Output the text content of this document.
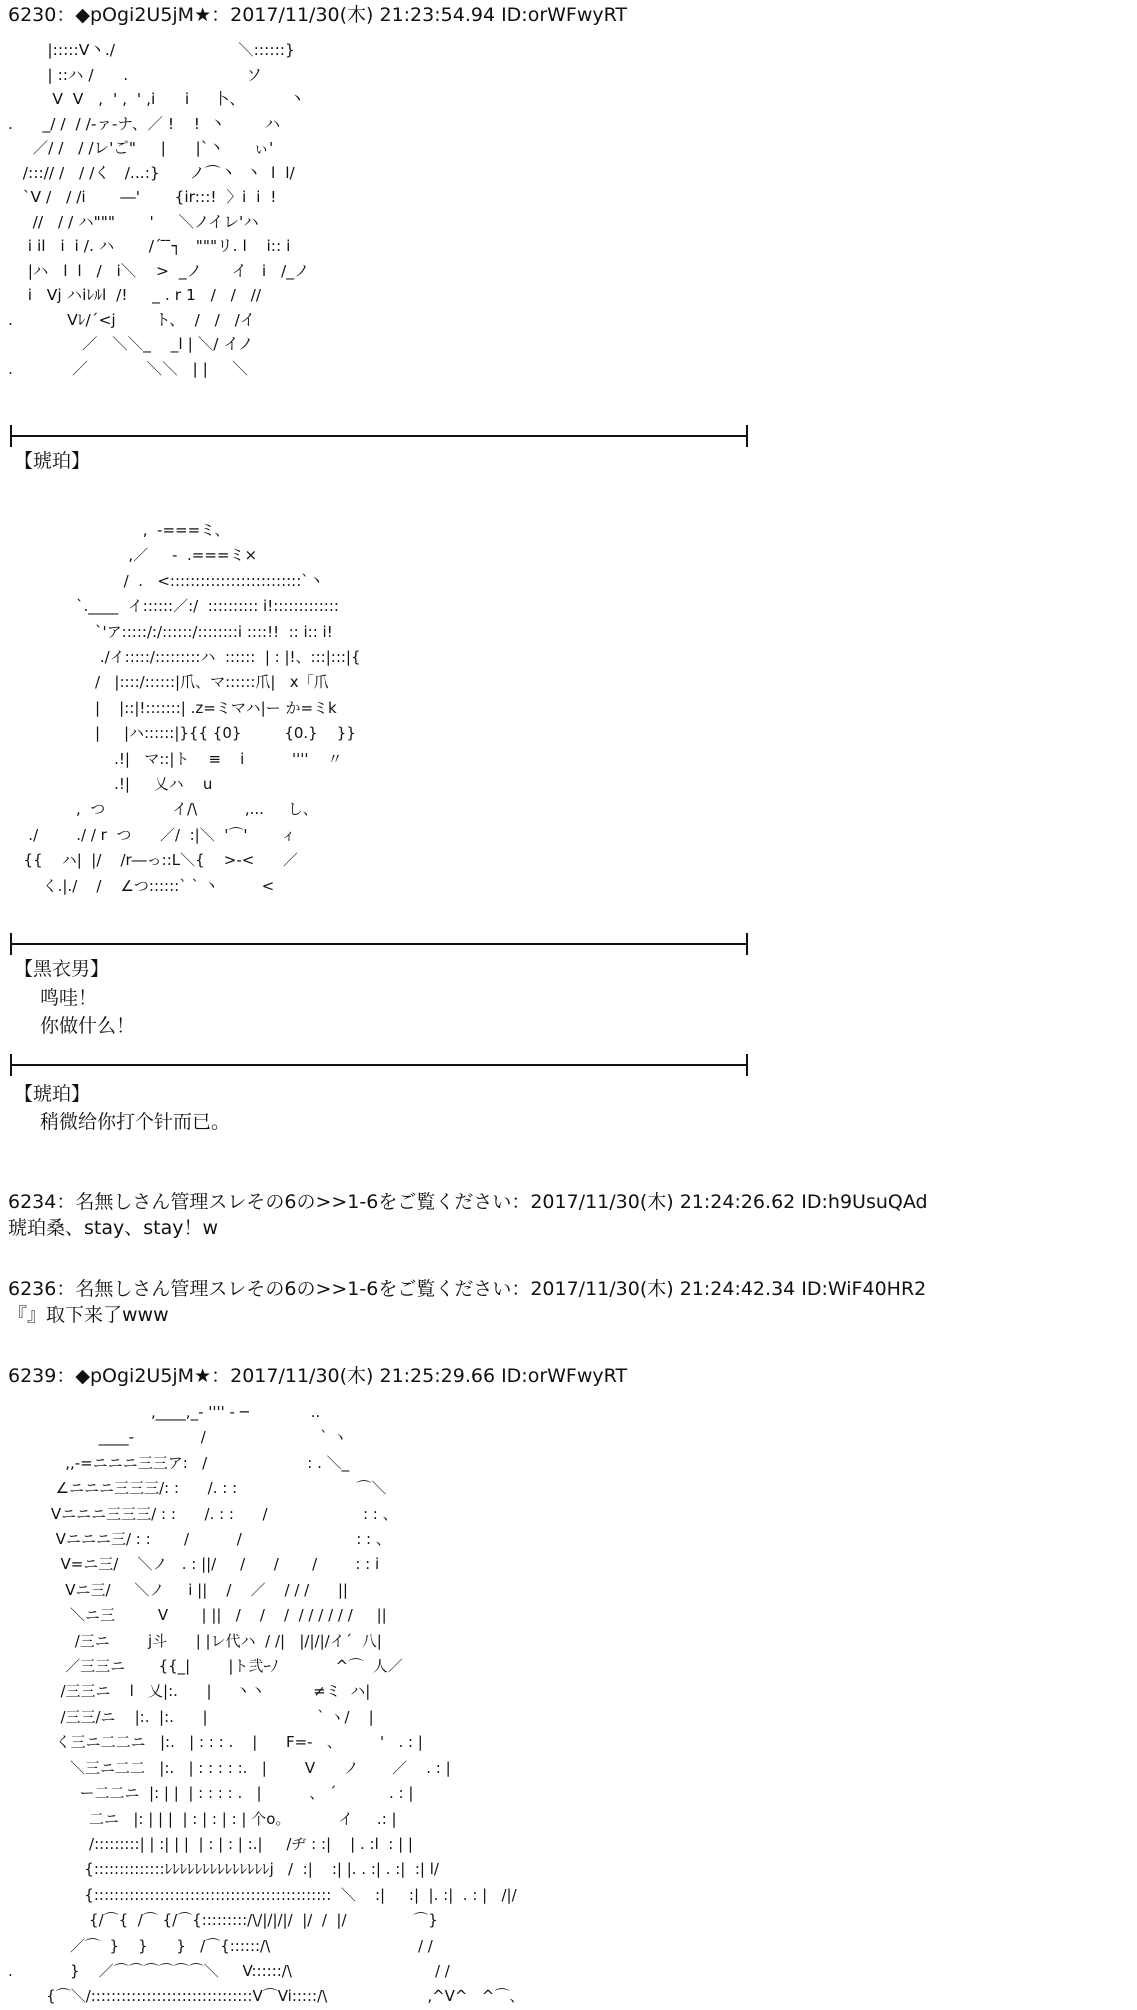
6230：◆pOgi2U5jM★：2017/11/30(木) 21:23:54.94 ID:orWFwyRT
|:::::V丶./                         ＼::::::}
| ::ハ /      .                        ソ
V  V   ,  ' ,  ' ,i      i     卜、         丶
.      _/ /  / /-ァ-ナ、／ !    !  丶        ハ
／/ /   / /レ'ご"     |      |`丶      ぃ'
/:::// /   / /く   /...:}      ノ⌒丶  丶  l  l/
`V /   / /i       ―'       {ir:::!  〉i  i  !
//   / / ハ"""       '     ＼ノイレ'ハ
i il   i  i /. ハ       /´ ̄ ̄┐   """リ. l    i:: i
|ハ   l  l   /   i＼    >  _ノ      イ   i   /_ノ
i   Vj ハiﾚﾙl  /!     _ . r 1   /   /   //
.           Vﾚ/´<j        ト、  /   /   /イ
／   ＼＼_    _l | ＼/ イノ
.            ／            ＼＼   | |     ＼
【琥珀】
,  -===ミ、
,／     -  .===ミ×
/  .   <::::::::::::::::::::::::::`丶
`.____  イ::::::／:/  :::::::::: i!:::::::::::::
`'ア:::::/:/::::::/::::::::i ::::!!  :: i:: i!
./イ:::::/:::::::::ハ  ::::::  | : |!、:::|:::|{
/   |::::/::::::|爪、マ::::::爪|   x「爪
|    |::|!:::::::| .z=ミマハ|ー か=ミk
|     |ハ::::::|}{{ {0}         {0.}    }}
.!|   マ::|ト    ≡    i          ''''    〃
.!|     乂ハ    u
,  つ              イ/\          ,...     し、
./        ./ / r  つ      ／/  :|＼  '⌒'       ィ
{{    ハ|  |/    /r―っ::L＼{    >-<      ／
く.|./    /    ∠つ::::::` ` 丶         <
【黑衣男】
鸣哇！
你做什么！
【琥珀】
稍微给你打个针而已。
6234：名無しさん管理スレその6の>>1-6をご覧ください：2017/11/30(木) 21:24:26.62 ID:h9UsuQAd
琥珀桑、stay、stay！w
6236：名無しさん管理スレその6の>>1-6をご覧ください：2017/11/30(木) 21:24:42.34 ID:WiF40HR2
『』取下来了www
6239：◆pOgi2U5jM★：2017/11/30(木) 21:25:29.66 ID:orWFwyRT
,____,_‐ '''' - ─             ..
____-              /                        ` ヽ
,,-=ニニニ三三ア:   /                     : . ＼_
∠ニニニ三三三/: :      /. : :                         ⌒＼
Vニニニ三三三/ : :      /. : :      /                    : : 、
Vニニニ三/ : :       /          /                        : : 、
V=ニ三/    ＼ノ   . : ||/     /      /       /        : : i
Vニ三/     ＼ノ     i ||    /    ／    / / /      ||
＼ニ三         V       | ||   /    /    /  / / / / / /     ||
/三ニ        j斗      | |レ代ハ  / /|   |/|/|/イ´  八|
／三三ニ       {{_|        |ト弐ｰﾉ            ^⌒  人／
/三三ニ    l   乂|:.      |     丶丶          ≠ミ  ハ|
/三三/ニ    |:.  |:.      |                       ` ヽ/    |
く三ニ二二ニ   |:.   | : : : .    |      F=-   、        '   . : |
＼三ニ二二   |:.   | : : : : :.   |        V      ノ       ／    . : |
ー二二ニ  |: | |  | : : : : .   |          、 ´           . : |
二ニ   |: | | |  | : | : | : | 个o。          イ     .: |
/:::::::::| | :| | |  | : | : | :.|     /ヂ : :|    | . :l  : | |
{::::::::::::::ﾚﾚﾚﾚﾚﾚﾚﾚﾚﾚﾚﾚﾚﾚj   /  :|    :| |. . :| . :|  :| l/
{:::::::::::::::::::::::::::::::::::::::::::::::  ＼    :|     :|  |. :|  . : |   /|/
{/⌒{  /⌒ {/⌒{:::::::::/\/|/|/|/  |/  /  |/              ⌒}
／⌒  }    }      }   /⌒{::::::/\                               / /
.            }    ／⌒⌒⌒⌒⌒⌒＼     V::::::/\                              / /
{⌒＼/::::::::::::::::::::::::::::::::V⌒Vi:::::/\                     ,^V^   ^⌒、
